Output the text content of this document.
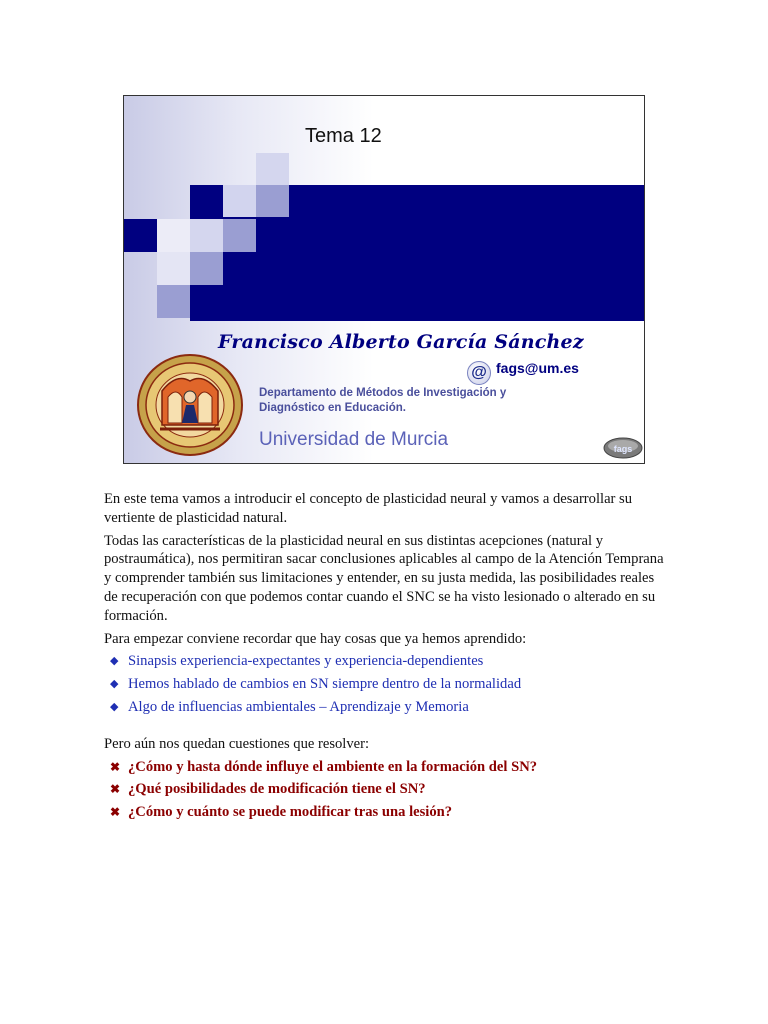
Tema 12
Francisco Alberto García Sánchez
@ fags@um.es
Departamento de Métodos de Investigación y
Diagnóstico en Educación.
Universidad de Murcia	fags

En este tema vamos a introducir el concepto de plasticidad neural y vamos a desarrollar su vertiente de plasticidad natural.

Todas las características de la plasticidad neural en sus distintas acepciones (natural y postraumática), nos permitiran sacar conclusiones aplicables al campo de la Atención Temprana y comprender también sus limitaciones y entender, en su justa medida, las posibilidades reales de recuperación con que podemos contar cuando el SNC se ha visto lesionado o alterado en su formación.

Para empezar conviene recordar que hay cosas que ya hemos aprendido:

◆ Sinapsis experiencia-expectantes y experiencia-dependientes
◆ Hemos hablado de cambios en SN siempre dentro de la normalidad
◆ Algo de influencias ambientales – Aprendizaje y Memoria

Pero aún nos quedan cuestiones que resolver:

✖ ¿Cómo y hasta dónde influye el ambiente en la formación del SN?
✖ ¿Qué posibilidades de modificación tiene el SN?
✖ ¿Cómo y cuánto se puede modificar tras una lesión?
